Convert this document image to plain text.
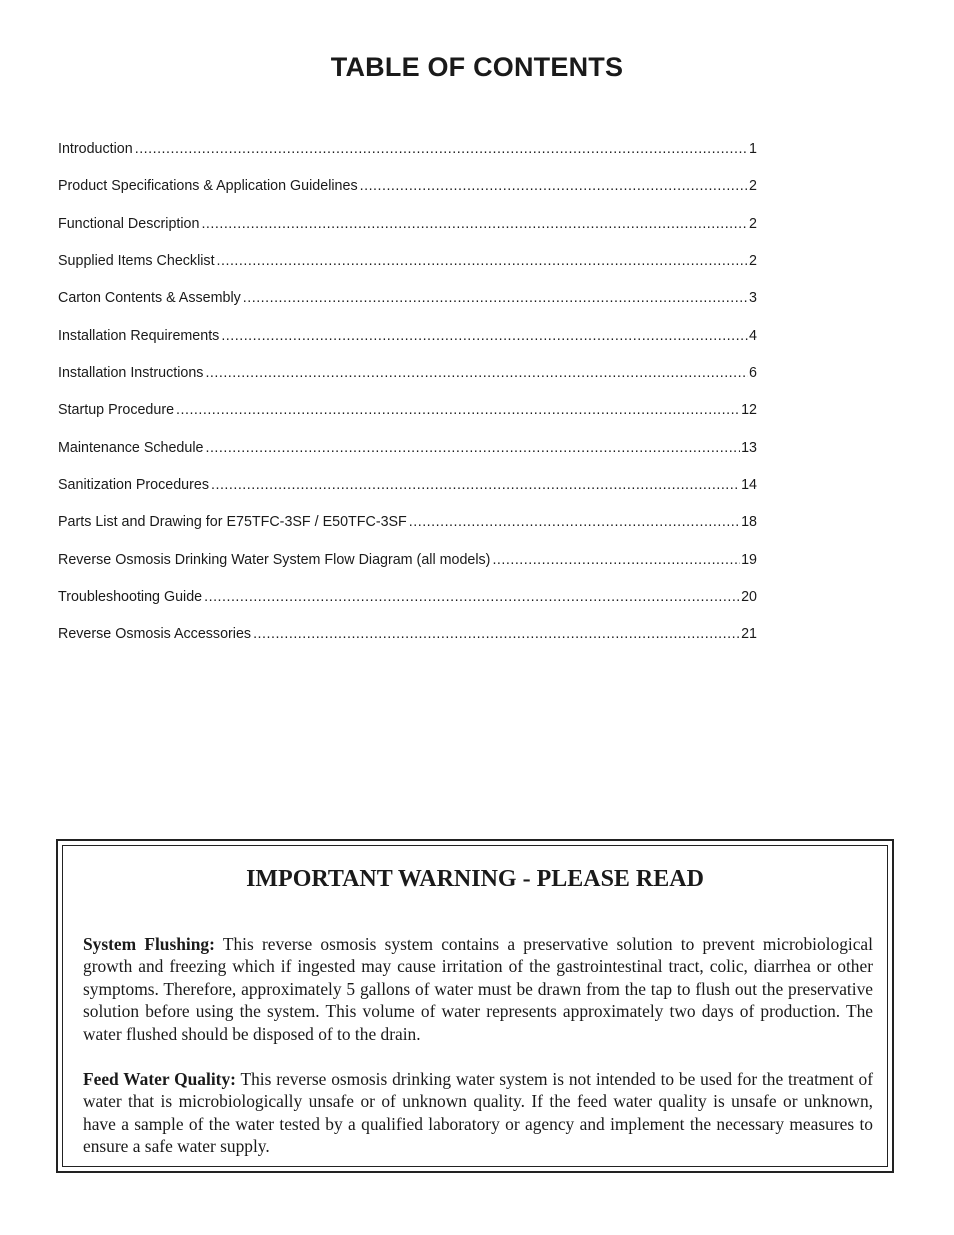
TABLE OF CONTENTS
Introduction .....	1
Product Specifications & Application Guidelines .....	2
Functional Description .....	2
Supplied Items Checklist .....	2
Carton Contents & Assembly .....	3
Installation Requirements .....	4
Installation Instructions .....	6
Startup Procedure .....	12
Maintenance Schedule .....	13
Sanitization Procedures .....	14
Parts List and Drawing for E75TFC-3SF / E50TFC-3SF .....	18
Reverse Osmosis Drinking Water System Flow Diagram (all models) .....	19
Troubleshooting Guide .....	20
Reverse Osmosis Accessories .....	21
IMPORTANT WARNING - PLEASE READ

System Flushing: This reverse osmosis system contains a preservative solution to prevent microbiological growth and freezing which if ingested may cause irritation of the gastrointestinal tract, colic, diarrhea or other symptoms. Therefore, approximately 5 gallons of water must be drawn from the tap to flush out the preservative solution before using the system. This volume of water represents approximately two days of production. The water flushed should be disposed of to the drain.

Feed Water Quality: This reverse osmosis drinking water system is not intended to be used for the treatment of water that is microbiologically unsafe or of unknown quality. If the feed water quality is unsafe or unknown, have a sample of the water tested by a qualified laboratory or agency and implement the necessary measures to ensure a safe water supply.
